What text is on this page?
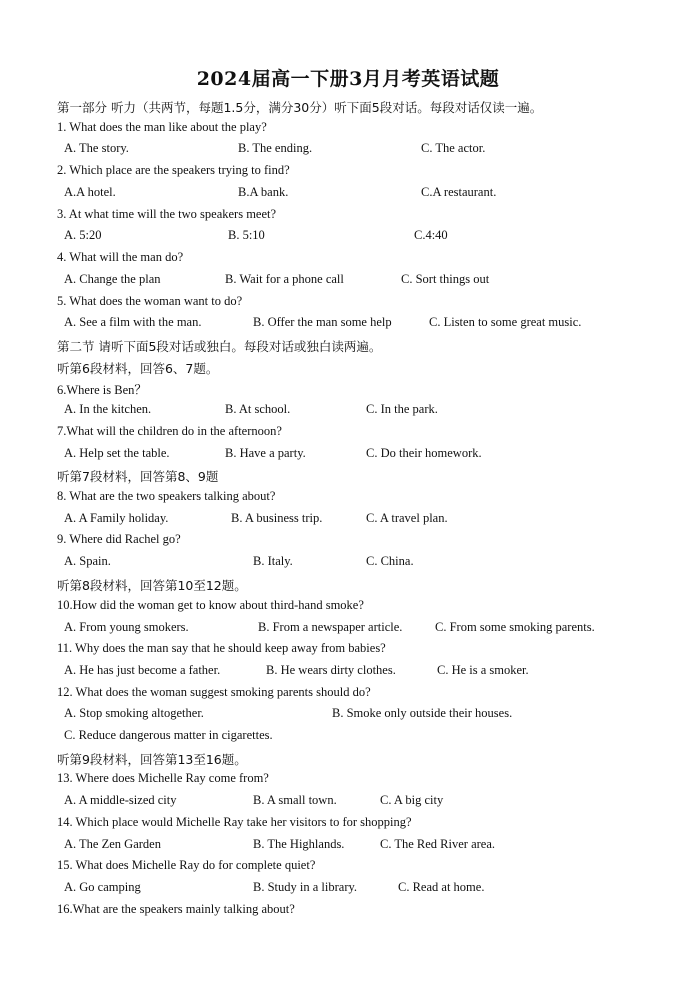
2024届高一下册3月月考英语试题
第一部分 听力（共两节，每题1.5分，满分30分）听下面5段对话。每段对话仅读一遍。
1. What does the man like about the play?
A. The story.	B. The ending.	C. The actor.
2. Which place are the speakers trying to find?
A.A hotel.	B.A bank.	C.A restaurant.
3. At what time will the two speakers meet?
A. 5:20	B. 5:10	C.4:40
4. What will the man do?
A. Change the plan	B. Wait for a phone call	C. Sort things out
5. What does the woman want to do?
A. See a film with the man.	B. Offer the man some help	C. Listen to some great music.
第二节 请听下面5段对话或独白。每段对话或独白读两遍。
听第6段材料，回答6、7题。
6.Where is Ben？
A. In the kitchen.	B. At school.	C. In the park.
7.What will the children do in the afternoon?
A. Help set the table.	B. Have a party.	C. Do their homework.
听第7段材料，回答第8、9题
8. What are the two speakers talking about?
A. A Family holiday.	B. A business trip.	C. A travel plan.
9. Where did Rachel go?
A. Spain.	B. Italy.	C. China.
听第8段材料，回答第10至12题。
10.How did the woman get to know about third-hand smoke?
A. From young smokers.	B. From a newspaper article.	C. From some smoking parents.
11. Why does the man say that he should keep away from babies?
A. He has just become a father.	B. He wears dirty clothes.	C. He is a smoker.
12. What does the woman suggest smoking parents should do?
A. Stop smoking altogether.	B. Smoke only outside their houses.
C. Reduce dangerous matter in cigarettes.
听第9段材料，回答第13至16题。
13. Where does Michelle Ray come from?
A. A middle-sized city	B. A small town.	C. A big city
14. Which place would Michelle Ray take her visitors to for shopping?
A. The Zen Garden	B. The Highlands.	C. The Red River area.
15. What does Michelle Ray do for complete quiet?
A. Go camping	B. Study in a library.	C. Read at home.
16.What are the speakers mainly talking about?
